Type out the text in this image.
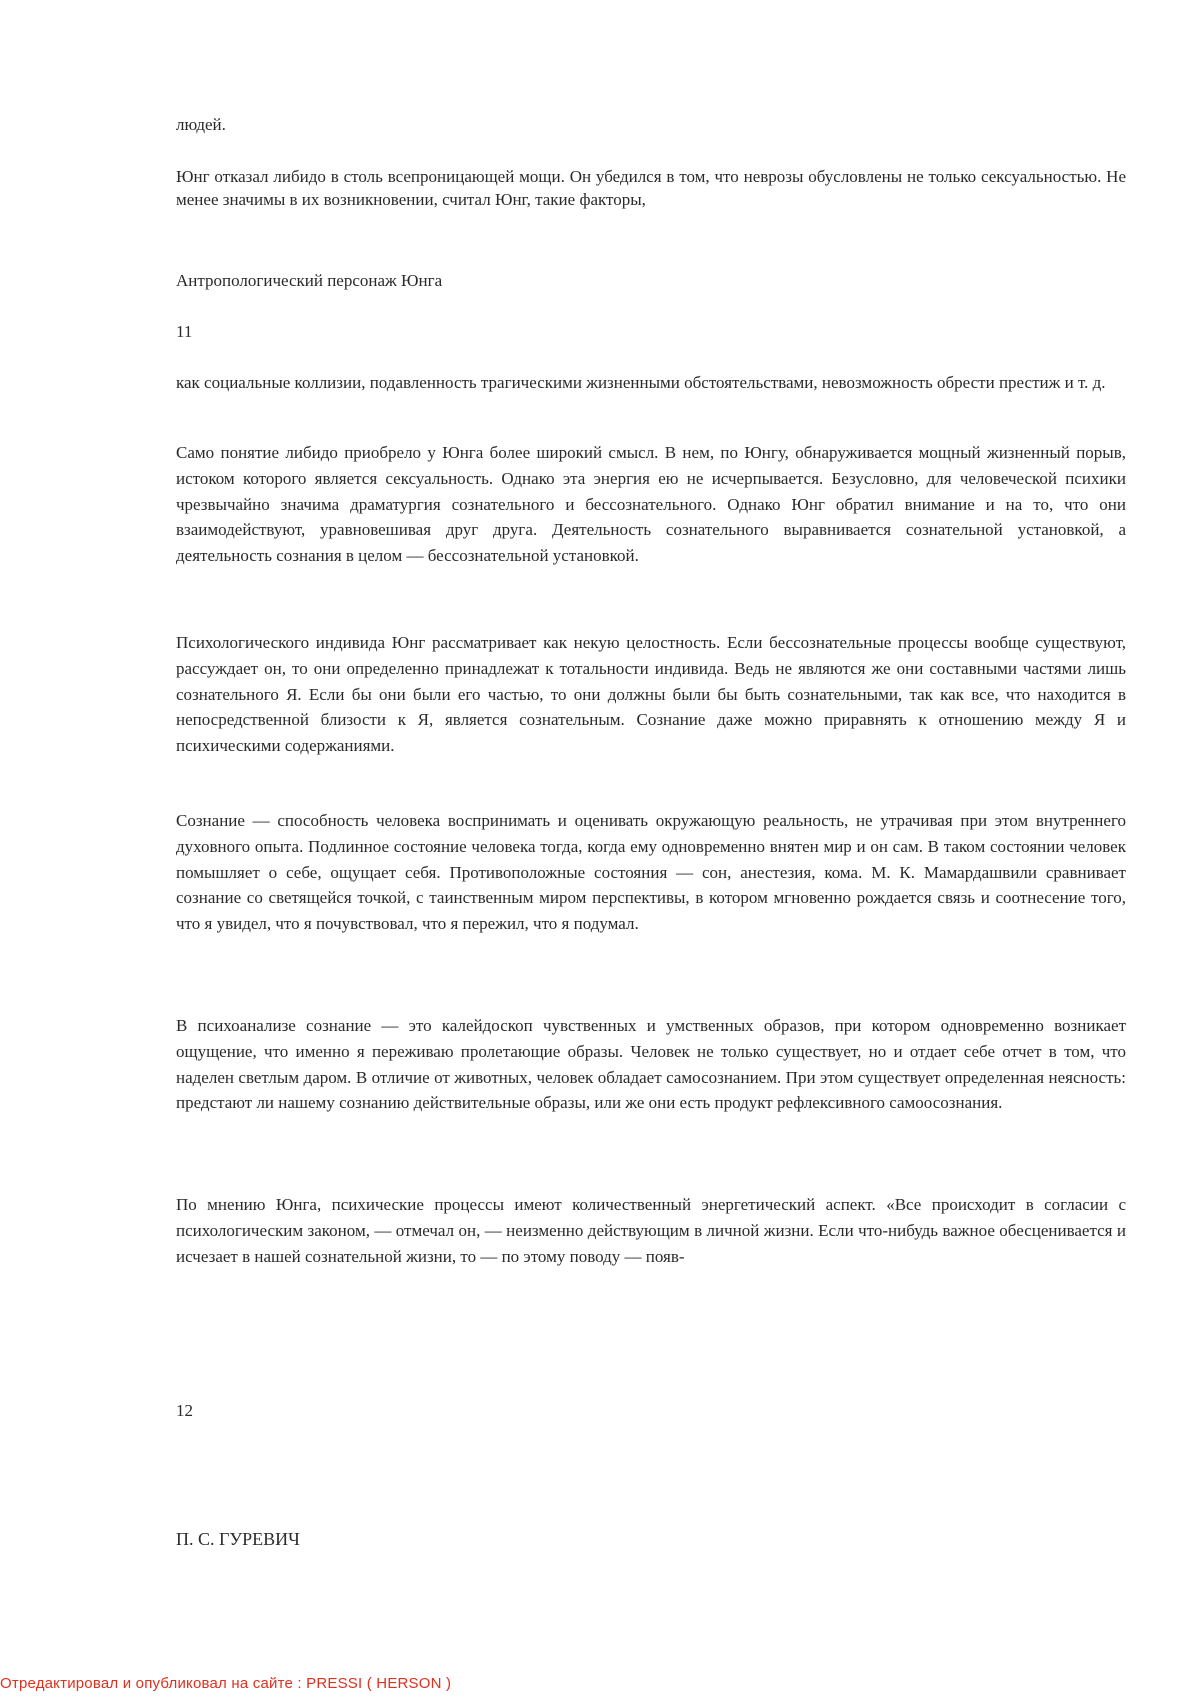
людей.

Юнг отказал либидо в столь всепроницающей мощи. Он убедился в том, что неврозы обусловлены не только сексуальностью. Не менее значимы в их возникновении, считал Юнг, такие факторы,

Антропологический персонаж Юнга

11

как социальные коллизии, подавленность трагическими жизненными обстоятельствами, невозможность обрести престиж и т. д.

Само понятие либидо приобрело у Юнга более широкий смысл. В нем, по Юнгу, обнаруживается мощный жизненный порыв, истоком которого является сексуальность. Однако эта энергия ею не исчерпывается. Безусловно, для человеческой психики чрезвычайно значима драматургия сознательного и бессознательного. Однако Юнг обратил внимание и на то, что они взаимодействуют, уравновешивая друг друга. Деятельность сознательного выравнивается сознательной установкой, а деятельность сознания в целом — бессознательной установкой.

Психологического индивида Юнг рассматривает как некую целостность. Если бессознательные процессы вообще существуют, рассуждает он, то они определенно принадлежат к тотальности индивида. Ведь не являются же они составными частями лишь сознательного Я. Если бы они были его частью, то они должны были бы быть сознательными, так как все, что находится в непосредственной близости к Я, является сознательным. Сознание даже можно приравнять к отношению между Я и психическими содержаниями.

Сознание — способность человека воспринимать и оценивать окружающую реальность, не утрачивая при этом внутреннего духовного опыта. Подлинное состояние человека тогда, когда ему одновременно внятен мир и он сам. В таком состоянии человек помышляет о себе, ощущает себя. Противоположные состояния — сон, анестезия, кома. М. К. Мамардашвили сравнивает сознание со светящейся точкой, с таинственным миром перспективы, в котором мгновенно рождается связь и соотнесение того, что я увидел, что я почувствовал, что я пережил, что я подумал.

В психоанализе сознание — это калейдоскоп чувственных и умственных образов, при котором одновременно возникает ощущение, что именно я переживаю пролетающие образы. Человек не только существует, но и отдает себе отчет в том, что наделен светлым даром. В отличие от животных, человек обладает самосознанием. При этом существует определенная неясность: предстают ли нашему сознанию действительные образы, или же они есть продукт рефлексивного самоосознания.

По мнению Юнга, психические процессы имеют количественный энергетический аспект. «Все происходит в согласии с психологическим законом, — отмечал он, — неизменно действующим в личной жизни. Если что-нибудь важное обесценивается и исчезает в нашей сознательной жизни, то — по этому поводу — появ-

12

П. С. ГУРЕВИЧ

Отредактировал и опубликовал на сайте : PRESSI ( HERSON )
